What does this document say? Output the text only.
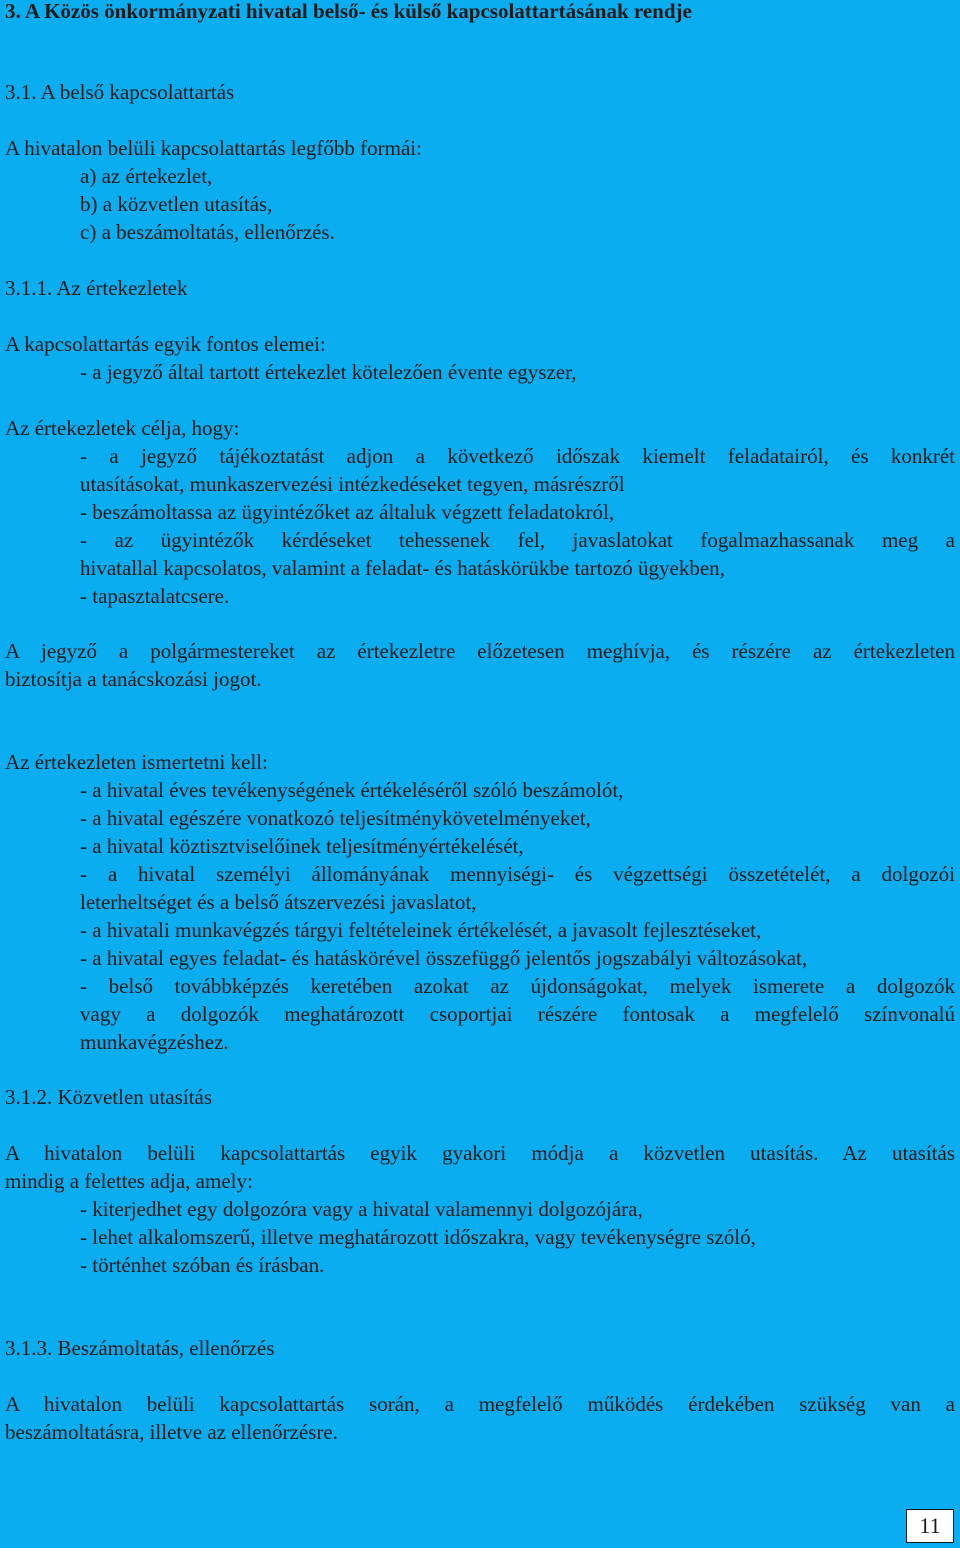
3. A Közös önkormányzati hivatal belső- és külső kapcsolattartásának rendje
3.1. A belső kapcsolattartás
A hivatalon belüli kapcsolattartás legfőbb formái:
a) az értekezlet,
b) a közvetlen utasítás,
c) a beszámoltatás, ellenőrzés.
3.1.1. Az értekezletek
A kapcsolattartás egyik fontos elemei:
- a jegyző által tartott értekezlet kötelezően évente egyszer,
Az értekezletek célja, hogy:
- a jegyző tájékoztatást adjon a következő időszak kiemelt feladatairól, és konkrét
utasításokat, munkaszervezési intézkedéseket tegyen, másrészről
- beszámoltassa az ügyintézőket az általuk végzett feladatokról,
- az ügyintézők kérdéseket tehessenek fel, javaslatokat fogalmazhassanak meg a
hivatallal kapcsolatos, valamint a feladat- és hatáskörükbe tartozó ügyekben,
- tapasztalatcsere.
A jegyző a polgármestereket az értekezletre előzetesen meghívja, és részére az értekezleten
biztosítja a tanácskozási jogot.
Az értekezleten ismertetni kell:
- a hivatal éves tevékenységének értékeléséről szóló beszámolót,
- a hivatal egészére vonatkozó teljesítménykövetelményeket,
- a hivatal köztisztviselőinek teljesítményértékelését,
- a hivatal személyi állományának mennyiségi- és végzettségi összetételét, a dolgozói
leterheltséget és a belső átszervezési javaslatot,
- a hivatali munkavégzés tárgyi feltételeinek értékelését, a javasolt fejlesztéseket,
- a hivatal egyes feladat- és hatáskörével összefüggő jelentős jogszabályi változásokat,
- belső továbbképzés keretében azokat az újdonságokat, melyek ismerete a dolgozók
vagy a dolgozók meghatározott csoportjai részére fontosak a megfelelő színvonalú
munkavégzéshez.
3.1.2. Közvetlen utasítás
A hivatalon belüli kapcsolattartás egyik gyakori módja a közvetlen utasítás. Az utasítás
mindig a felettes adja, amely:
- kiterjedhet egy dolgozóra vagy a hivatal valamennyi dolgozójára,
- lehet alkalomszerű, illetve meghatározott időszakra, vagy tevékenységre szóló,
- történhet szóban és írásban.
3.1.3. Beszámoltatás, ellenőrzés
A hivatalon belüli kapcsolattartás során, a megfelelő működés érdekében szükség van a
beszámoltatásra, illetve az ellenőrzésre.
11
